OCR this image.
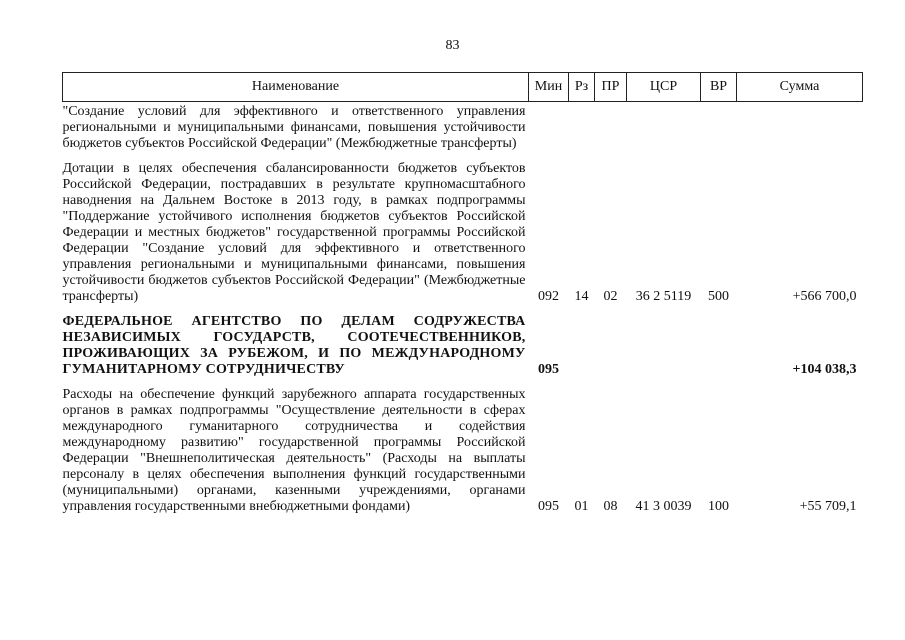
83
Наименование	Мин	Рз	ПР	ЦСР	ВР	Сумма
"Создание условий для эффективного и ответственного управления региональными и муниципальными финансами, повышения устойчивости бюджетов субъектов Российской Федерации" (Межбюджетные трансферты)						
Дотации в целях обеспечения сбалансированности бюджетов субъектов Российской Федерации, пострадавших в результате крупномасштабного наводнения на Дальнем Востоке в 2013 году, в рамках подпрограммы "Поддержание устойчивого исполнения бюджетов субъектов Российской Федерации и местных бюджетов" государственной программы Российской Федерации "Создание условий для эффективного и ответственного управления региональными и муниципальными финансами, повышения устойчивости бюджетов субъектов Российской Федерации" (Межбюджетные трансферты)	092	14	02	36 2 5119	500	+566 700,0
ФЕДЕРАЛЬНОЕ АГЕНТСТВО ПО ДЕЛАМ СОДРУЖЕСТВА НЕЗАВИСИМЫХ ГОСУДАРСТВ, СООТЕЧЕСТВЕННИКОВ, ПРОЖИВАЮЩИХ ЗА РУБЕЖОМ, И ПО МЕЖДУНАРОДНОМУ ГУМАНИТАРНОМУ СОТРУДНИЧЕСТВУ	095					+104 038,3
Расходы на обеспечение функций зарубежного аппарата государственных органов в рамках подпрограммы "Осуществление деятельности в сферах международного гуманитарного сотрудничества и содействия международному развитию" государственной программы Российской Федерации "Внешнеполитическая деятельность" (Расходы на выплаты персоналу в целях обеспечения выполнения функций государственными (муниципальными) органами, казенными учреждениями, органами управления государственными внебюджетными фондами)	095	01	08	41 3 0039	100	+55 709,1
